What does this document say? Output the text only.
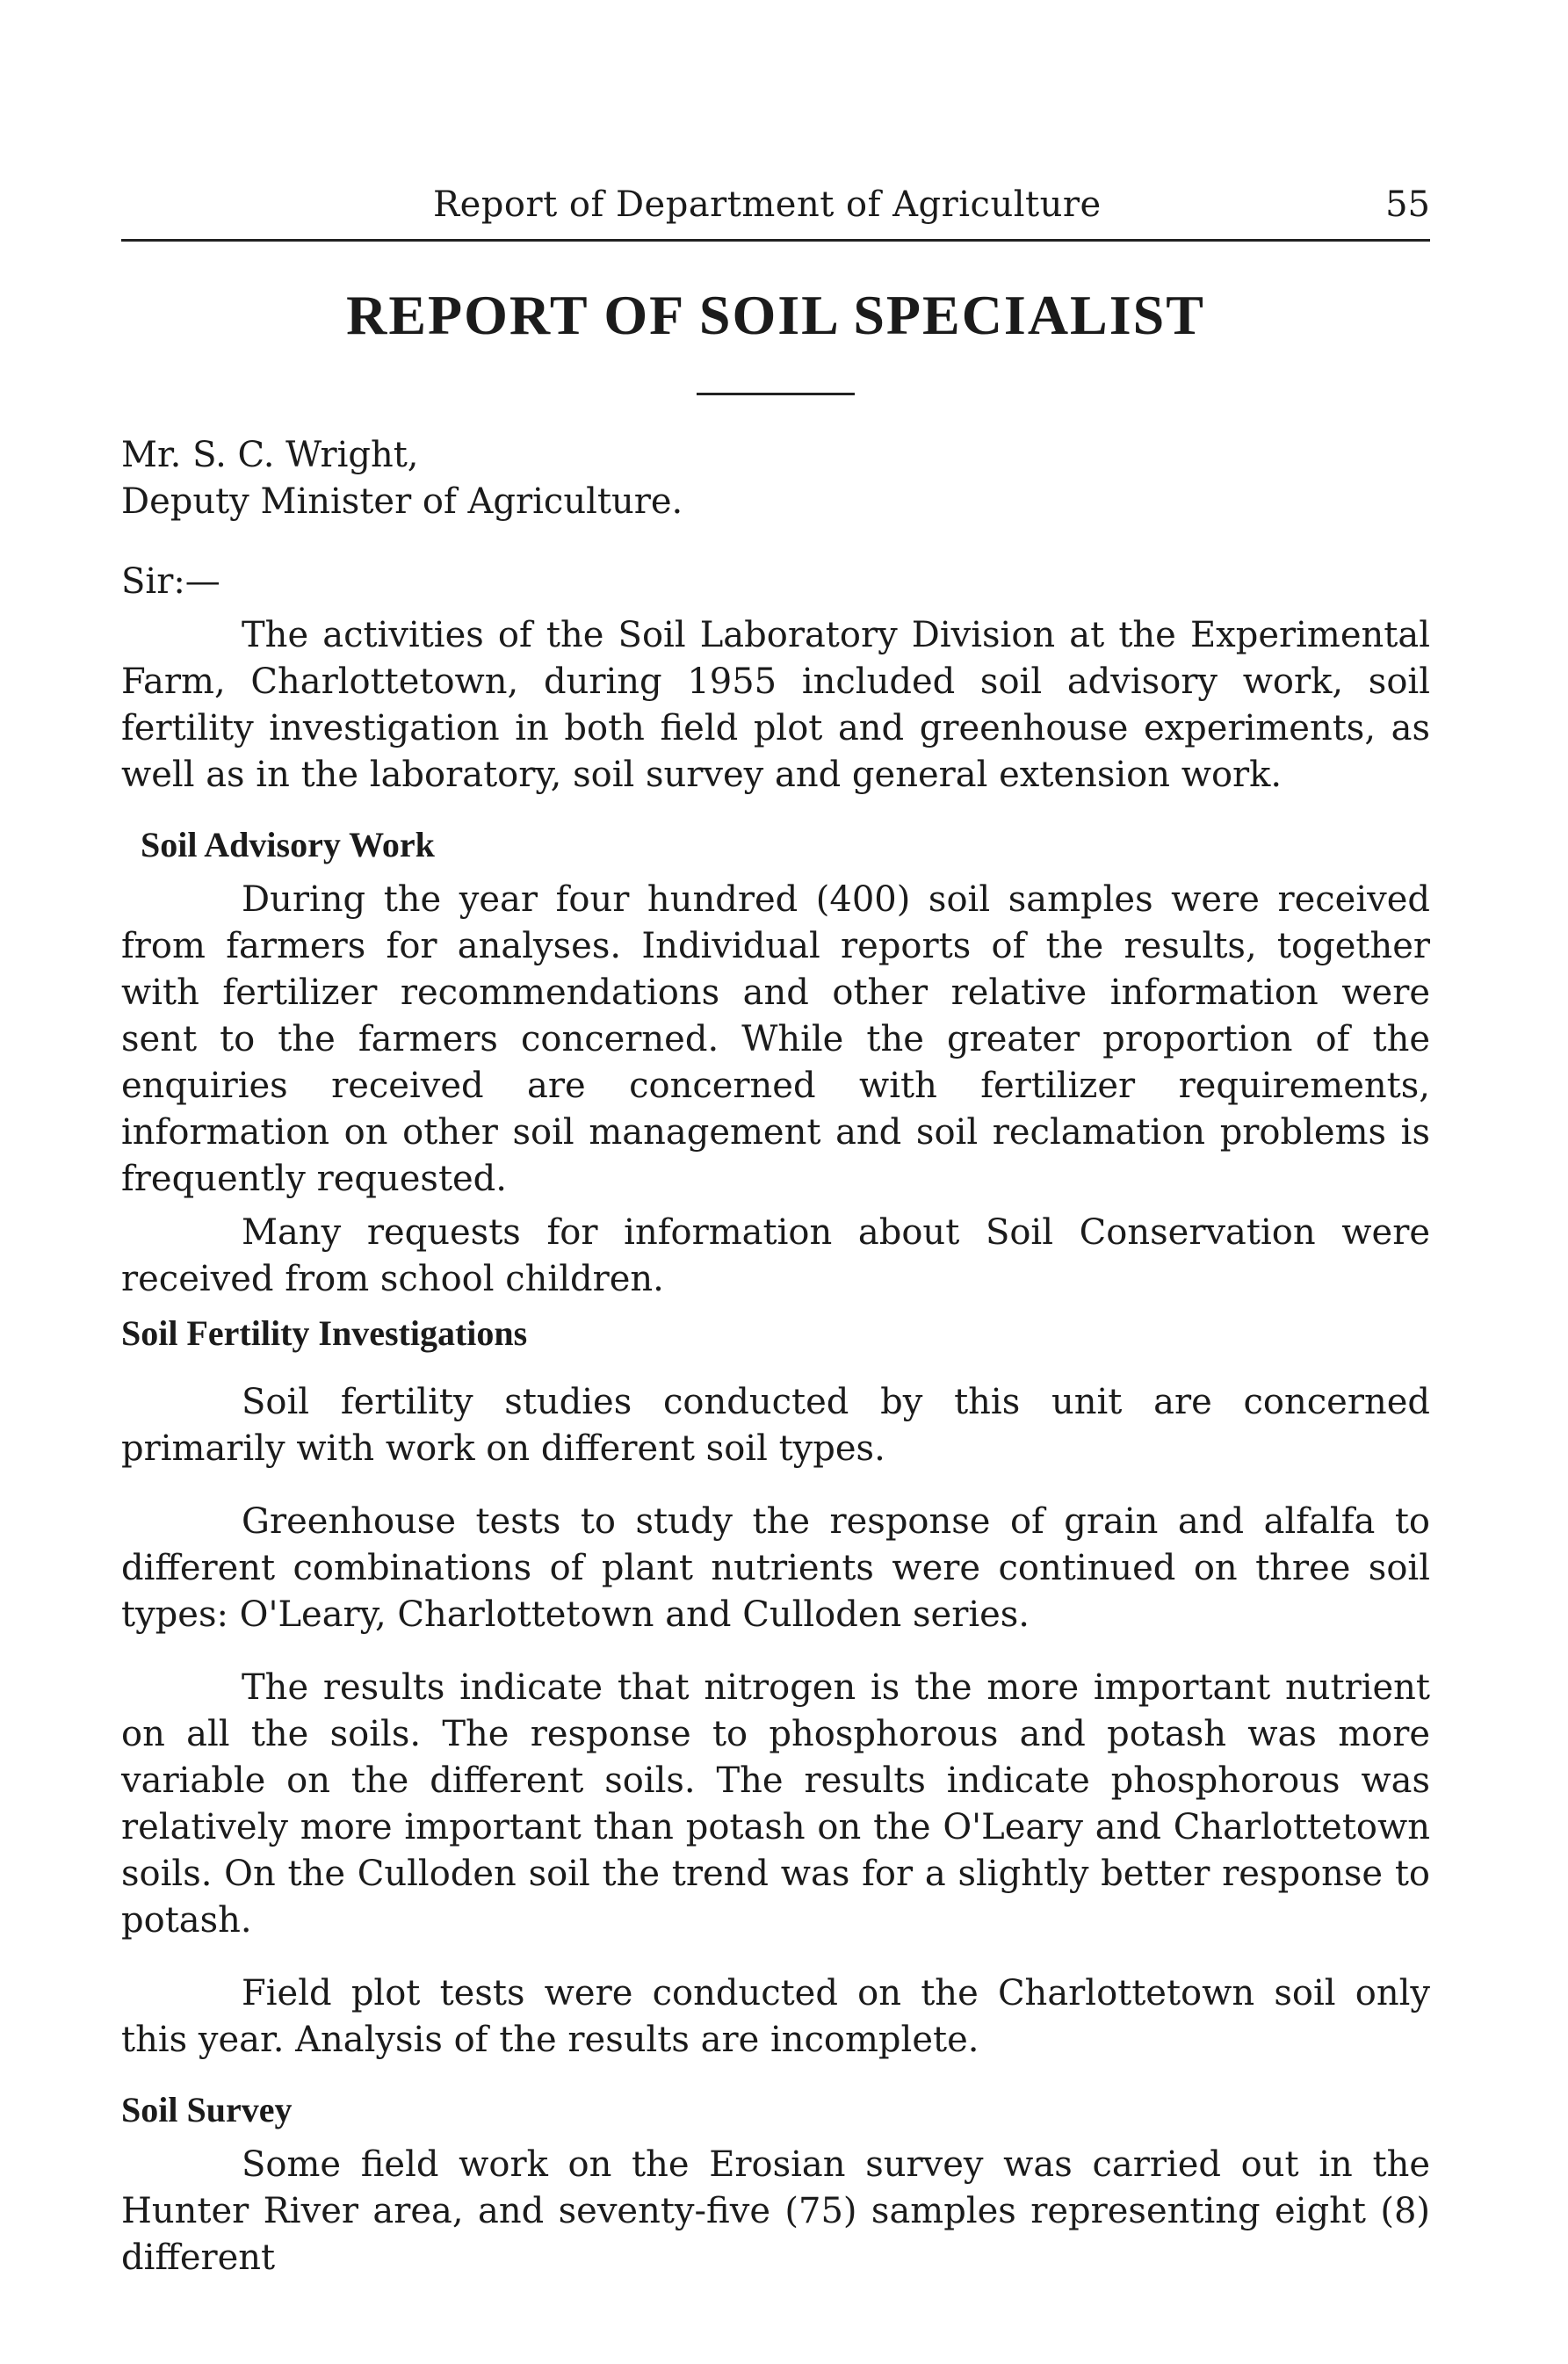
Report of Department of Agriculture	55
REPORT OF SOIL SPECIALIST
Mr. S. C. Wright,
Deputy Minister of Agriculture.
Sir:—

The activities of the Soil Laboratory Division at the Experimental Farm, Charlottetown, during 1955 included soil advisory work, soil fertility investigation in both field plot and greenhouse experiments, as well as in the laboratory, soil survey and general extension work.

Soil Advisory Work

During the year four hundred (400) soil samples were received from farmers for analyses. Individual reports of the results, together with fertilizer recommendations and other relative information were sent to the farmers concerned. While the greater proportion of the enquiries received are concerned with fertilizer requirements, information on other soil management and soil reclamation problems is frequently requested.

Many requests for information about Soil Conservation were received from school children.

Soil Fertility Investigations

Soil fertility studies conducted by this unit are concerned primarily with work on different soil types.

Greenhouse tests to study the response of grain and alfalfa to different combinations of plant nutrients were continued on three soil types: O'Leary, Charlottetown and Culloden series.

The results indicate that nitrogen is the more important nutrient on all the soils. The response to phosphorous and potash was more variable on the different soils. The results indicate phosphorous was relatively more important than potash on the O'Leary and Charlottetown soils. On the Culloden soil the trend was for a slightly better response to potash.

Field plot tests were conducted on the Charlottetown soil only this year. Analysis of the results are incomplete.

Soil Survey

Some field work on the Erosian survey was carried out in the Hunter River area, and seventy-five (75) samples representing eight (8) different
